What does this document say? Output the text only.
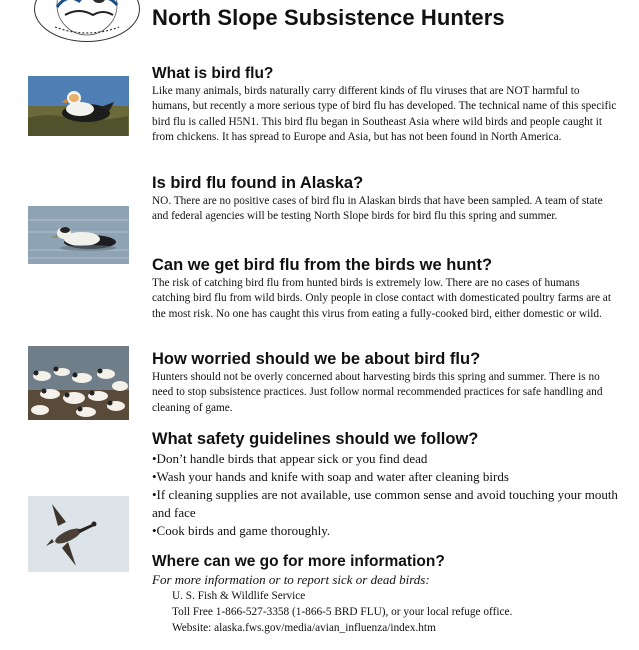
North Slope Subsistence Hunters
What is bird flu?
Like many animals, birds naturally carry different kinds of flu viruses that are NOT harmful to humans, but recently a more serious type of bird flu has developed. The technical name of this specific bird flu is called H5N1. This bird flu began in Southeast Asia where wild birds and people caught it from chickens. It has spread to Europe and Asia, but has not been found in North America.
Is bird flu found in Alaska?
NO. There are no positive cases of bird flu in Alaskan birds that have been sampled. A team of state and federal agencies will be testing North Slope birds for bird flu this spring and summer.
Can we get bird flu from the birds we hunt?
The risk of catching bird flu from hunted birds is extremely low. There are no cases of humans catching bird flu from wild birds. Only people in close contact with domesticated poultry farms are at the most risk. No one has caught this virus from eating a fully-cooked bird, either domestic or wild.
How worried should we be about bird flu?
Hunters should not be overly concerned about harvesting birds this spring and summer. There is no need to stop subsistence practices. Just follow normal recommended practices for safe handling and cleaning of game.
What safety guidelines should we follow?
•Don’t handle birds that appear sick or you find dead
•Wash your hands and knife with soap and water after cleaning birds
•If cleaning supplies are not available, use common sense and avoid touching your mouth and face
•Cook birds and game thoroughly.
Where can we go for more information?
For more information or to report sick or dead birds:
U. S. Fish & Wildlife Service
Toll Free 1-866-527-3358 (1-866-5 BRD FLU), or your local refuge office.
Website: alaska.fws.gov/media/avian_influenza/index.htm
